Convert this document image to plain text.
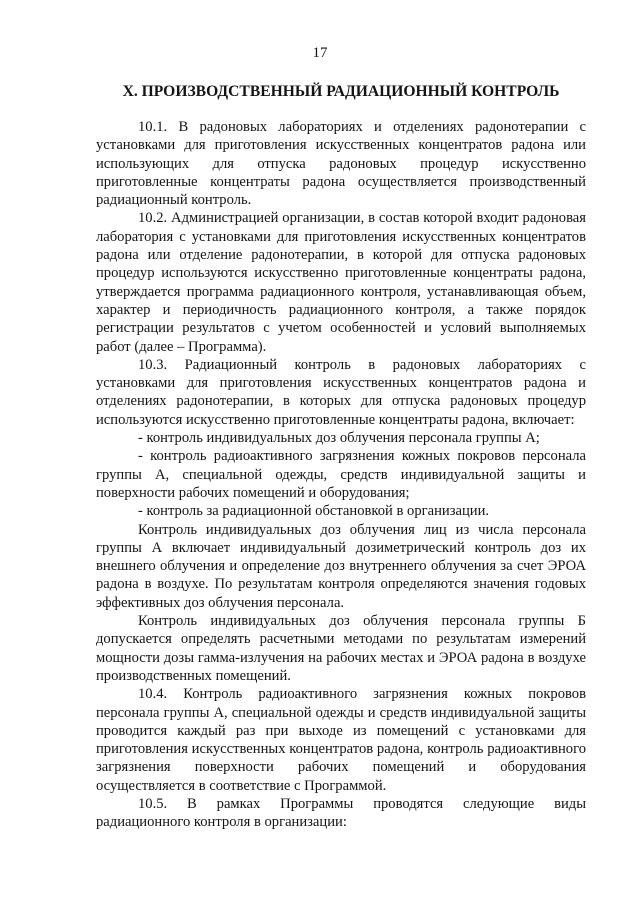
17
X. ПРОИЗВОДСТВЕННЫЙ РАДИАЦИОННЫЙ КОНТРОЛЬ

10.1. В радоновых лабораториях и отделениях радонотерапии с установками для приготовления искусственных концентратов радона или использующих для отпуска радоновых процедур искусственно приготовленные концентраты радона осуществляется производственный радиационный контроль.

10.2. Администрацией организации, в состав которой входит радоновая лаборатория с установками для приготовления искусственных концентратов радона или отделение радонотерапии, в которой для отпуска радоновых процедур используются искусственно приготовленные концентраты радона, утверждается программа радиационного контроля, устанавливающая объем, характер и периодичность радиационного контроля, а также порядок регистрации результатов с учетом особенностей и условий выполняемых работ (далее – Программа).

10.3. Радиационный контроль в радоновых лабораториях с установками для приготовления искусственных концентратов радона и отделениях радонотерапии, в которых для отпуска радоновых процедур используются искусственно приготовленные концентраты радона, включает:

- контроль индивидуальных доз облучения персонала группы А;

- контроль радиоактивного загрязнения кожных покровов персонала группы А, специальной одежды, средств индивидуальной защиты и поверхности рабочих помещений и оборудования;

- контроль за радиационной обстановкой в организации.

Контроль индивидуальных доз облучения лиц из числа персонала группы А включает индивидуальный дозиметрический контроль доз их внешнего облучения и определение доз внутреннего облучения за счет ЭРОА радона в воздухе. По результатам контроля определяются значения годовых эффективных доз облучения персонала.

Контроль индивидуальных доз облучения персонала группы Б допускается определять расчетными методами по результатам измерений мощности дозы гамма-излучения на рабочих местах и ЭРОА радона в воздухе производственных помещений.

10.4. Контроль радиоактивного загрязнения кожных покровов персонала группы А, специальной одежды и средств индивидуальной защиты проводится каждый раз при выходе из помещений с установками для приготовления искусственных концентратов радона, контроль радиоактивного загрязнения поверхности рабочих помещений и оборудования осуществляется в соответствие с Программой.

10.5. В рамках Программы проводятся следующие виды радиационного контроля в организации:
